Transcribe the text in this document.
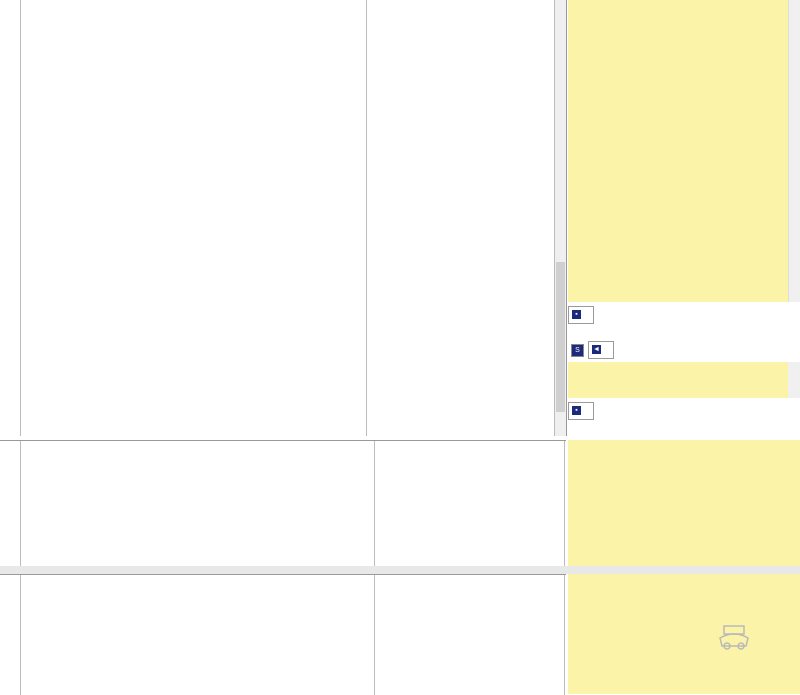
▪
S	◄
▪
